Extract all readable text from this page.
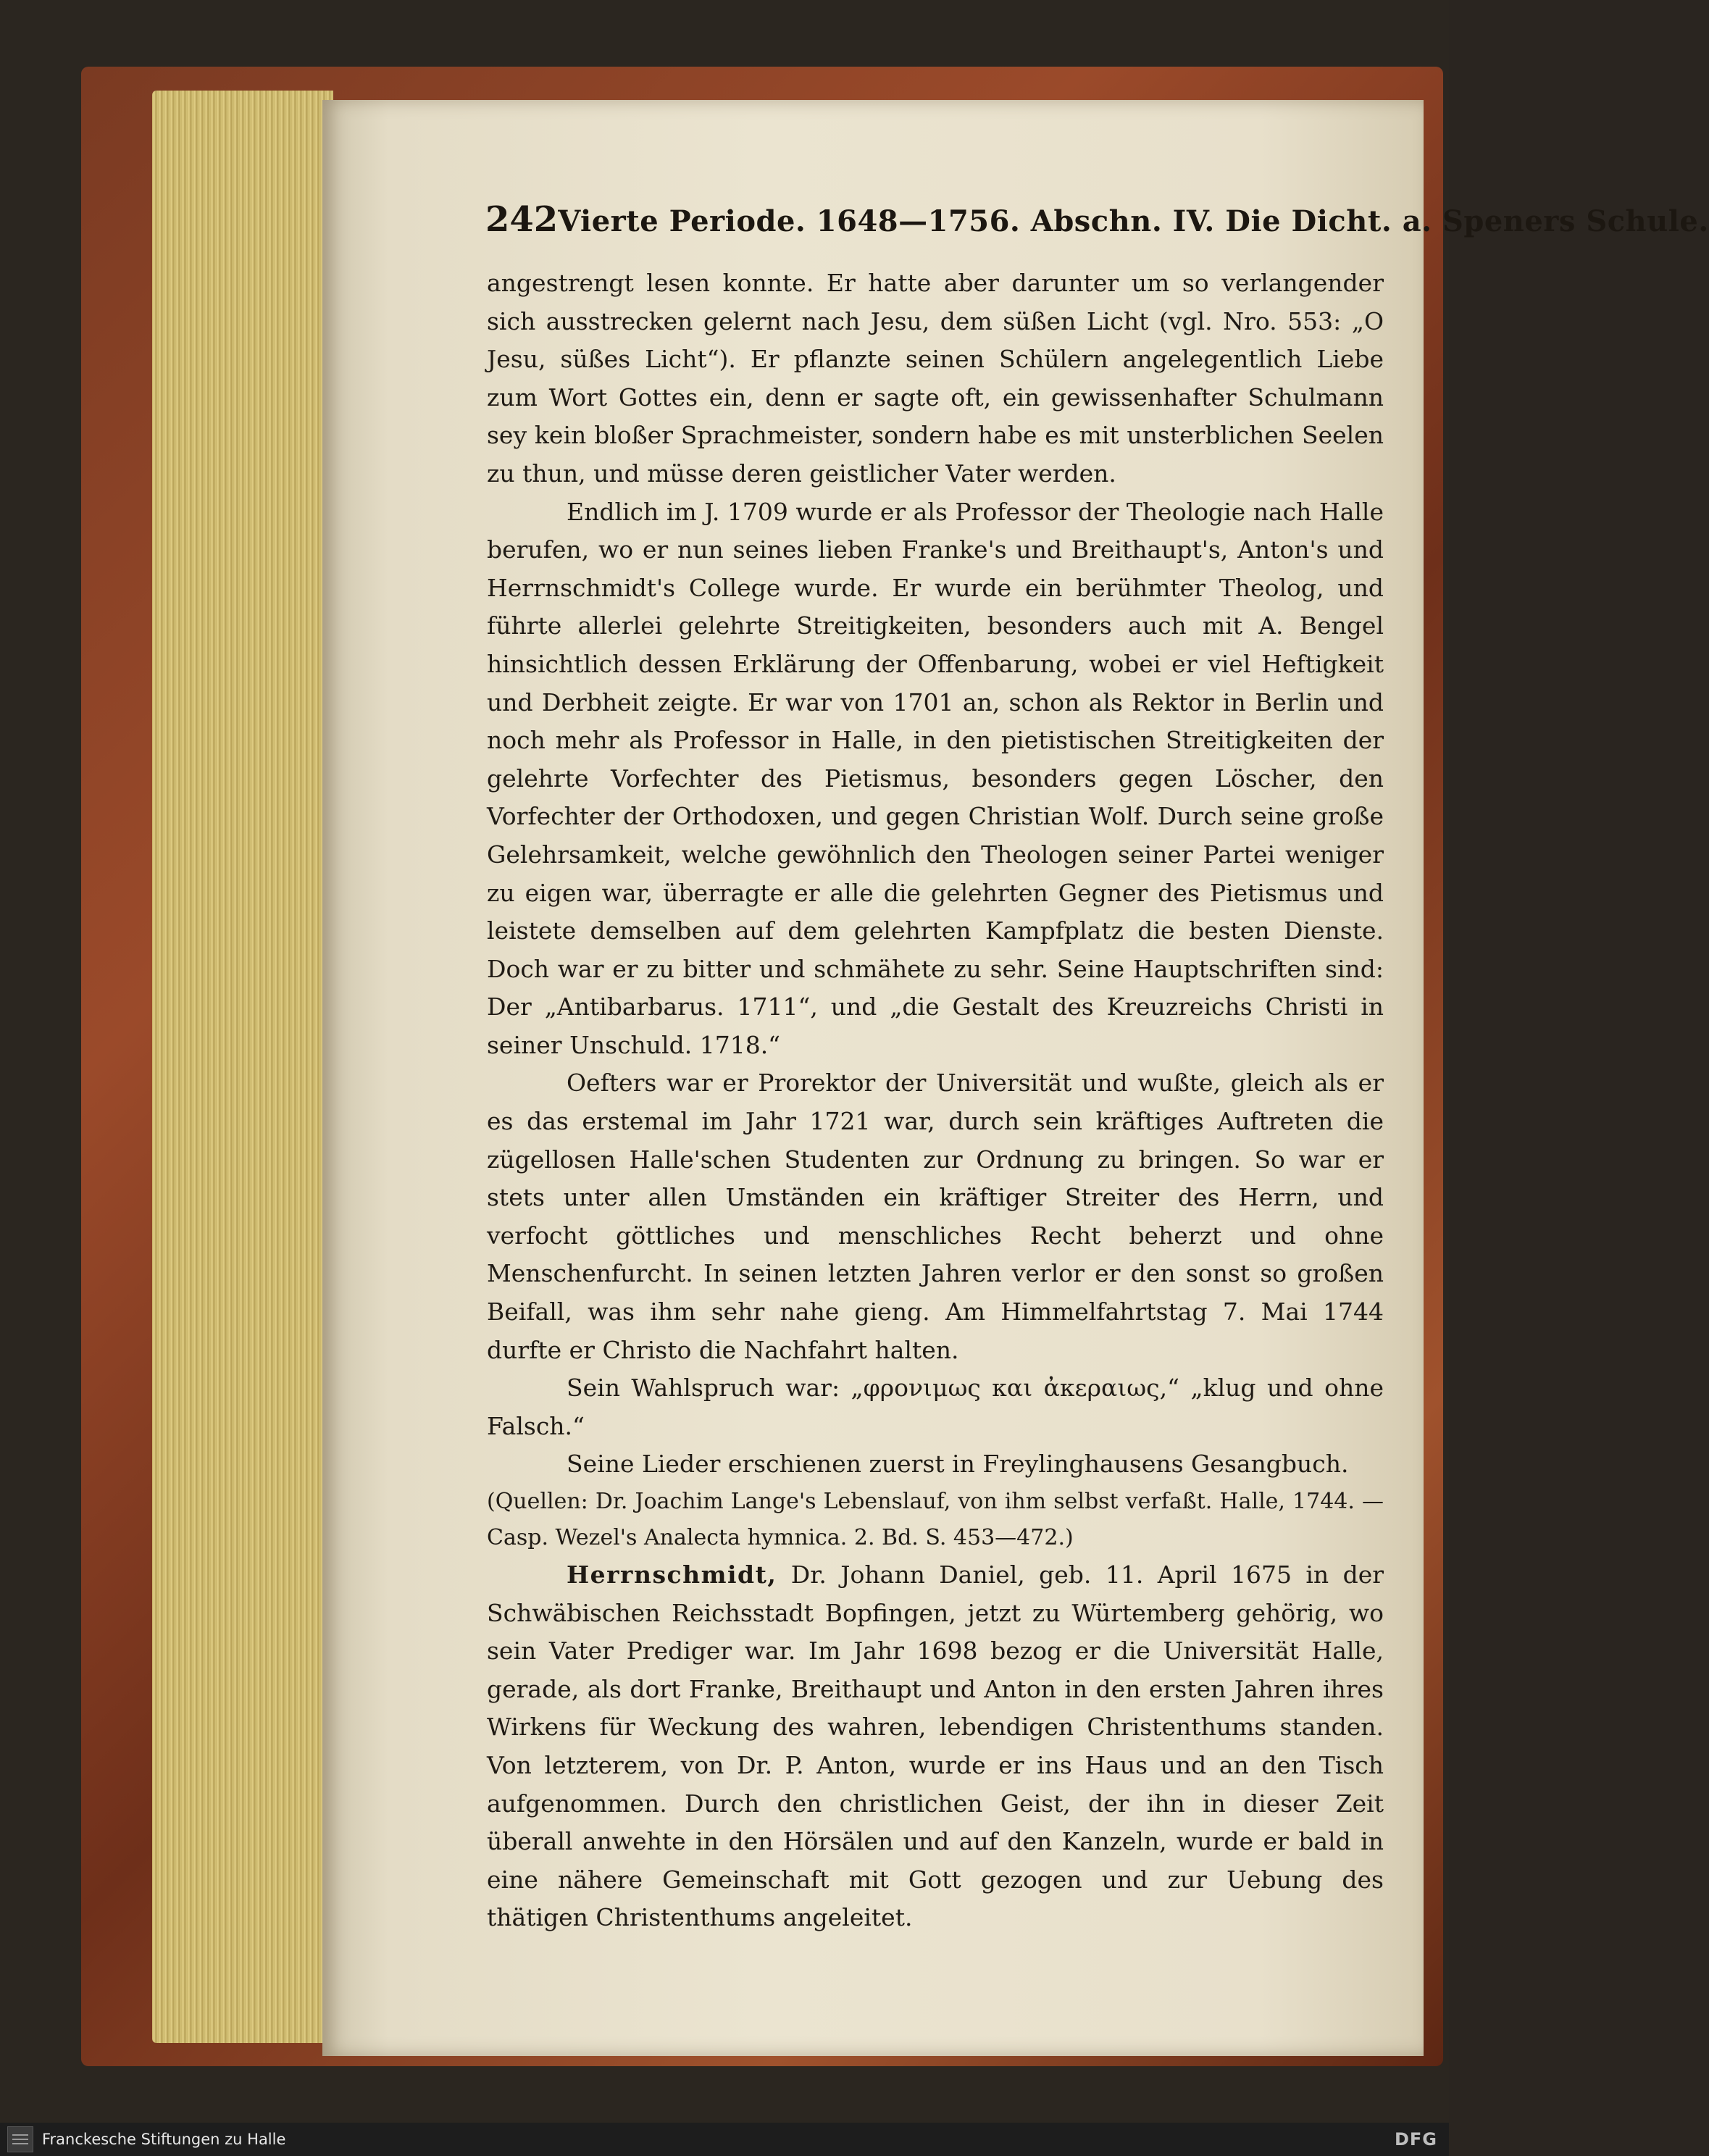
242 Vierte Periode. 1648—1756. Abschn. IV. Die Dicht. a. Speners Schule.

angestrengt lesen konnte. Er hatte aber darunter um so verlangender sich ausstrecken gelernt nach Jesu, dem süßen Licht (vgl. Nro. 553: „O Jesu, süßes Licht“). Er pflanzte seinen Schülern angelegentlich Liebe zum Wort Gottes ein, denn er sagte oft, ein gewissenhafter Schulmann sey kein bloßer Sprachmeister, sondern habe es mit unsterblichen Seelen zu thun, und müsse deren geistlicher Vater werden.

Endlich im J. 1709 wurde er als Professor der Theologie nach Halle berufen, wo er nun seines lieben Franke's und Breithaupt's, Anton's und Herrnschmidt's College wurde. Er wurde ein berühmter Theolog, und führte allerlei gelehrte Streitigkeiten, besonders auch mit A. Bengel hinsichtlich dessen Erklärung der Offenbarung, wobei er viel Heftigkeit und Derbheit zeigte. Er war von 1701 an, schon als Rektor in Berlin und noch mehr als Professor in Halle, in den pietistischen Streitigkeiten der gelehrte Vorfechter des Pietismus, besonders gegen Löscher, den Vorfechter der Orthodoxen, und gegen Christian Wolf. Durch seine große Gelehrsamkeit, welche gewöhnlich den Theologen seiner Partei weniger zu eigen war, überragte er alle die gelehrten Gegner des Pietismus und leistete demselben auf dem gelehrten Kampfplatz die besten Dienste. Doch war er zu bitter und schmähete zu sehr. Seine Hauptschriften sind: Der „Antibarbarus. 1711“, und „die Gestalt des Kreuzreichs Christi in seiner Unschuld. 1718.“

Oefters war er Prorektor der Universität und wußte, gleich als er es das erstemal im Jahr 1721 war, durch sein kräftiges Auftreten die zügellosen Halle'schen Studenten zur Ordnung zu bringen. So war er stets unter allen Umständen ein kräftiger Streiter des Herrn, und verfocht göttliches und menschliches Recht beherzt und ohne Menschenfurcht. In seinen letzten Jahren verlor er den sonst so großen Beifall, was ihm sehr nahe gieng. Am Himmelfahrtstag 7. Mai 1744 durfte er Christo die Nachfahrt halten.

Sein Wahlspruch war: „φρονιμως και ἀκεραιως,“ „klug und ohne Falsch.“

Seine Lieder erschienen zuerst in Freylinghausens Gesangbuch.

(Quellen: Dr. Joachim Lange's Lebenslauf, von ihm selbst verfaßt. Halle, 1744. — Casp. Wezel's Analecta hymnica. 2. Bd. S. 453—472.)

Herrnschmidt, Dr. Johann Daniel, geb. 11. April 1675 in der Schwäbischen Reichsstadt Bopfingen, jetzt zu Würtemberg gehörig, wo sein Vater Prediger war. Im Jahr 1698 bezog er die Universität Halle, gerade, als dort Franke, Breithaupt und Anton in den ersten Jahren ihres Wirkens für Weckung des wahren, lebendigen Christenthums standen. Von letzterem, von Dr. P. Anton, wurde er ins Haus und an den Tisch aufgenommen. Durch den christlichen Geist, der ihn in dieser Zeit überall anwehte in den Hörsälen und auf den Kanzeln, wurde er bald in eine nähere Gemeinschaft mit Gott gezogen und zur Uebung des thätigen Christenthums angeleitet.

Franckesche Stiftungen zu Halle	DFG
